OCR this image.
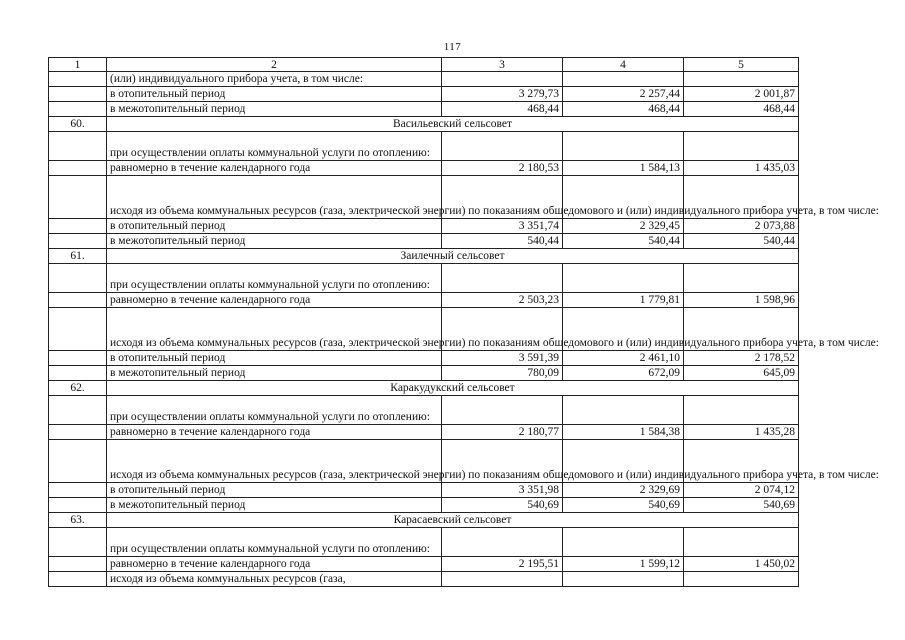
117
1	2	3	4	5
	(или) индивидуального прибора учета, в том числе:			
	в отопительный период	3 279,73	2 257,44	2 001,87
	в межотопительный период	468,44	468,44	468,44
60.	Васильевский сельсовет			
	при осуществлении оплаты коммунальной услуги по отоплению:			
	равномерно в течение календарного года	2 180,53	1 584,13	1 435,03
	исходя из объема коммунальных ресурсов (газа, электрической энергии) по показаниям общедомового и (или) индивидуального прибора учета, в том числе:			
	в отопительный период	3 351,74	2 329,45	2 073,88
	в межотопительный период	540,44	540,44	540,44
61.	Заилечный сельсовет			
	при осуществлении оплаты коммунальной услуги по отоплению:			
	равномерно в течение календарного года	2 503,23	1 779,81	1 598,96
	исходя из объема коммунальных ресурсов (газа, электрической энергии) по показаниям общедомового и (или) индивидуального прибора учета, в том числе:			
	в отопительный период	3 591,39	2 461,10	2 178,52
	в межотопительный период	780,09	672,09	645,09
62.	Каракудукский сельсовет			
	при осуществлении оплаты коммунальной услуги по отоплению:			
	равномерно в течение календарного года	2 180,77	1 584,38	1 435,28
	исходя из объема коммунальных ресурсов (газа, электрической энергии) по показаниям общедомового и (или) индивидуального прибора учета, в том числе:			
	в отопительный период	3 351,98	2 329,69	2 074,12
	в межотопительный период	540,69	540,69	540,69
63.	Карасаевский сельсовет			
	при осуществлении оплаты коммунальной услуги по отоплению:			
	равномерно в течение календарного года	2 195,51	1 599,12	1 450,02
	исходя из объема коммунальных ресурсов (газа,			
